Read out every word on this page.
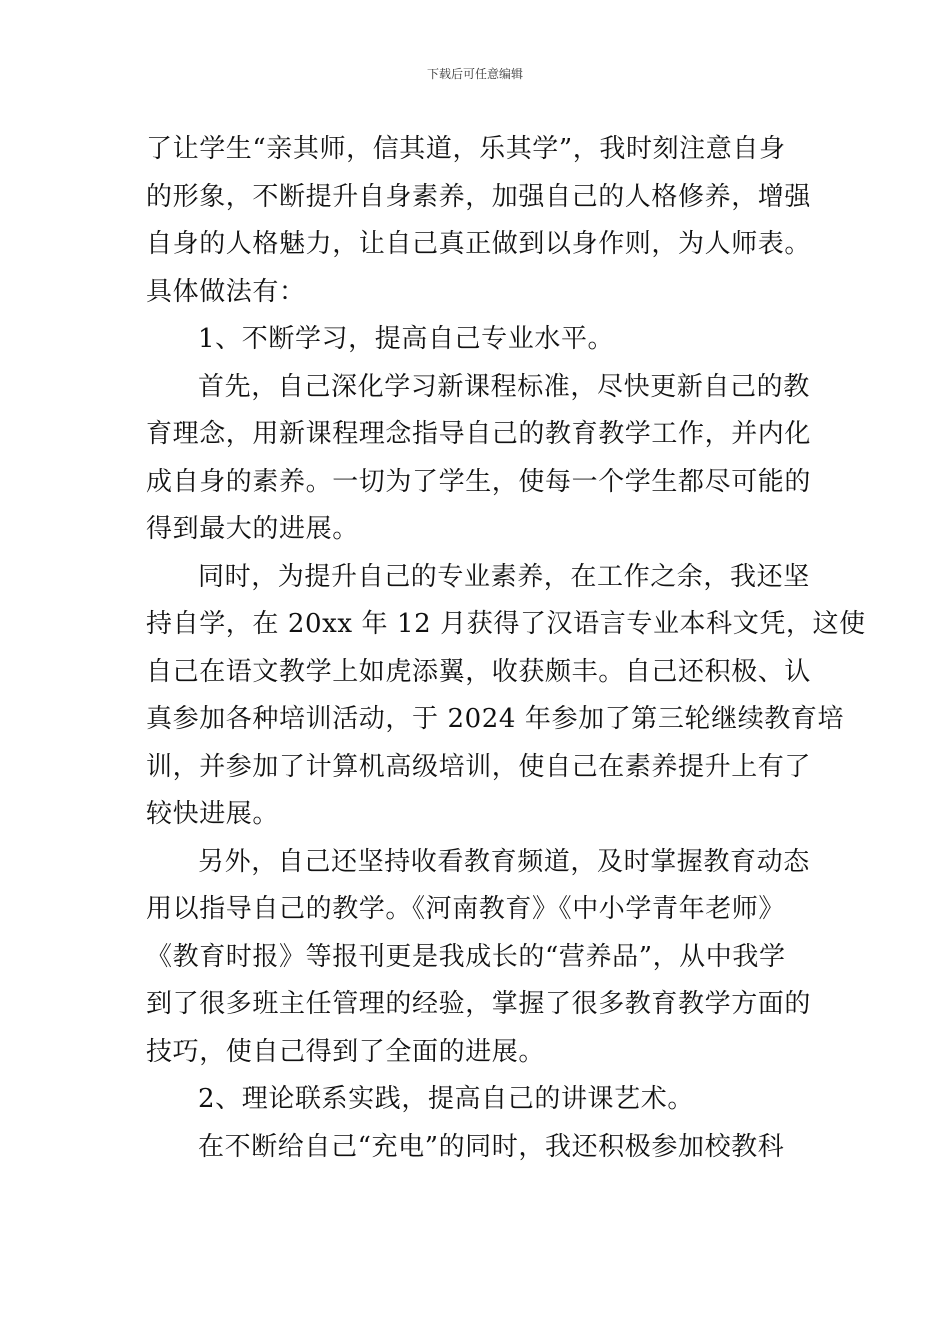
下载后可任意编辑
了让学生“亲其师，信其道，乐其学”，我时刻注意自身
的形象，不断提升自身素养，加强自己的人格修养，增强
自身的人格魅力，让自己真正做到以身作则，为人师表。
具体做法有：
1、不断学习，提高自己专业水平。
首先，自己深化学习新课程标准，尽快更新自己的教
育理念，用新课程理念指导自己的教育教学工作，并内化
成自身的素养。一切为了学生，使每一个学生都尽可能的
得到最大的进展。
同时，为提升自己的专业素养，在工作之余，我还坚
持自学，在 20xx 年 12 月获得了汉语言专业本科文凭，这使
自己在语文教学上如虎添翼，收获颇丰。自己还积极、认
真参加各种培训活动，于 2024 年参加了第三轮继续教育培
训，并参加了计算机高级培训，使自己在素养提升上有了
较快进展。
另外，自己还坚持收看教育频道，及时掌握教育动态
用以指导自己的教学。《河南教育》《中小学青年老师》
《教育时报》等报刊更是我成长的“营养品”，从中我学
到了很多班主任管理的经验，掌握了很多教育教学方面的
技巧，使自己得到了全面的进展。
2、理论联系实践，提高自己的讲课艺术。
在不断给自己“充电”的同时，我还积极参加校教科
